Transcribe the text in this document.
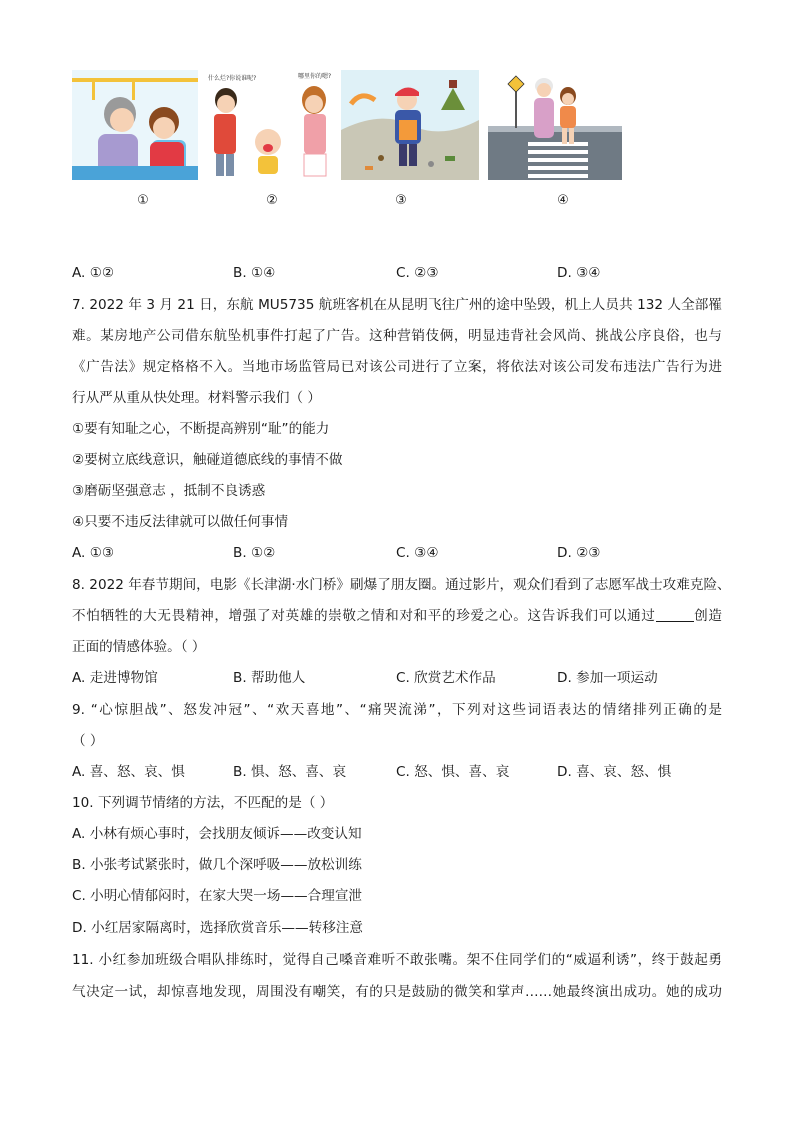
什么烂?你说谁呢?	哪里你的嗯?
①	②	③	④
A. ①②	B. ①④	C. ②③	D. ③④
7. 2022 年 3 月 21 日，东航 MU5735 航班客机在从昆明飞往广州的途中坠毁，机上人员共 132 人全部罹
难。某房地产公司借东航坠机事件打起了广告。这种营销伎俩，明显违背社会风尚、挑战公序良俗，也与
《广告法》规定格格不入。当地市场监管局已对该公司进行了立案，将依法对该公司发布违法广告行为进
行从严从重从快处理。材料警示我们（ ）
①要有知耻之心，不断提高辨别“耻”的能力
②要树立底线意识，触碰道德底线的事情不做
③磨砺坚强意志 ，抵制不良诱惑
④只要不违反法律就可以做任何事情
A. ①③	B. ①②	C. ③④	D. ②③
8. 2022 年春节期间，电影《长津湖·水门桥》刷爆了朋友圈。通过影片，观众们看到了志愿军战士攻难克险、
不怕牺牲的大无畏精神，增强了对英雄的崇敬之情和对和平的珍爱之心。这告诉我们可以通过	创造
正面的情感体验。（ ）
A. 走进博物馆	B. 帮助他人	C. 欣赏艺术作品	D. 参加一项运动
9. “心惊胆战”、怒发冲冠”、“欢天喜地”、“痛哭流涕”，下列对这些词语表达的情绪排列正确的是
（ ）
A. 喜、怒、哀、惧	B. 惧、怒、喜、哀	C. 怒、惧、喜、哀	D. 喜、哀、怒、惧
10. 下列调节情绪的方法，不匹配的是（ ）
A. 小林有烦心事时，会找朋友倾诉——改变认知
B. 小张考试紧张时，做几个深呼吸——放松训练
C. 小明心情郁闷时，在家大哭一场——合理宣泄
D. 小红居家隔离时，选择欣赏音乐——转移注意
11. 小红参加班级合唱队排练时，觉得自己嗓音难听不敢张嘴。架不住同学们的“威逼利诱”，终于鼓起勇
气决定一试，却惊喜地发现，周围没有嘲笑，有的只是鼓励的微笑和掌声……她最终演出成功。她的成功
